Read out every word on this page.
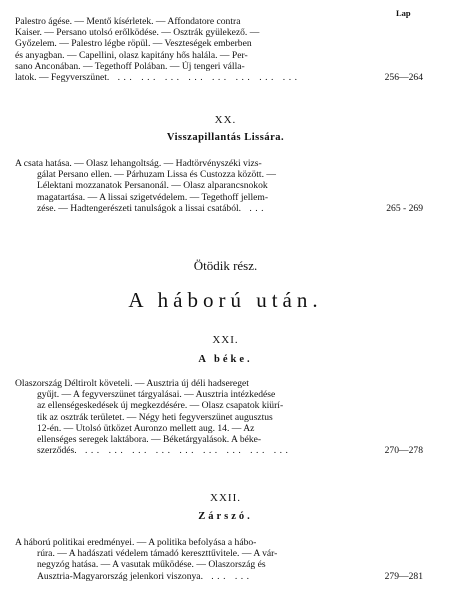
Lap
Palestro ágése. — Mentő kísérletek. — Affondatore contra
Kaiser. — Persano utolsó erőlködése. — Osztrák gyülekező. —
Győzelem. — Palestro légbe röpül. — Veszteségek emberben
és anyagban. — Capellini, olasz kapitány hős halála. — Per-
sano Anconában. — Tegethoff Polában. — Új tengeri válla-
latok. — Fegyverszünet.  ... ... ... ... ... ... ... ...	256—264
XX.
Visszapillantás Lissára.
A csata hatása. — Olasz lehangoltság. — Hadtörvényszéki vizs-
gálat Persano ellen. — Párhuzam Lissa és Custozza között. —
Lélektani mozzanatok Persanonál. — Olasz alparancsnokok
magatartása. — A lissai szigetvédelem. — Tegethoff jellem-
zése. — Hadtengerészeti tanulságok a lissai csatából.  ...	265 - 269
Ötödik rész.
A háború után.
XXI.
A béke.
Olaszország Déltirolt követeli. — Ausztria új déli hadsereget
gyűjt. — A fegyverszünet tárgyalásai. — Ausztria intézkedése
az ellenségeskedések új megkezdésére. — Olasz csapatok kiürí-
tik az osztrák területet. — Négy heti fegyverszünet augusztus
12-én. — Utolsó ütközet Auronzo mellett aug. 14. — Az
ellenséges seregek laktábora. — Béketárgyalások. A béke-
szerződés.  ... ... ... ... ... ... ... ... ...	270—278
XXII.
Zárszó.
A háború politikai eredményei. — A politika befolyása a hábo-
rúra. — A hadászati védelem támadó kereszttűvitele. — A vár-
negyzóg hatása. — A vasutak működése. — Olaszország és
Ausztria-Magyarország jelenkori viszonya.  ... ...	279—281
